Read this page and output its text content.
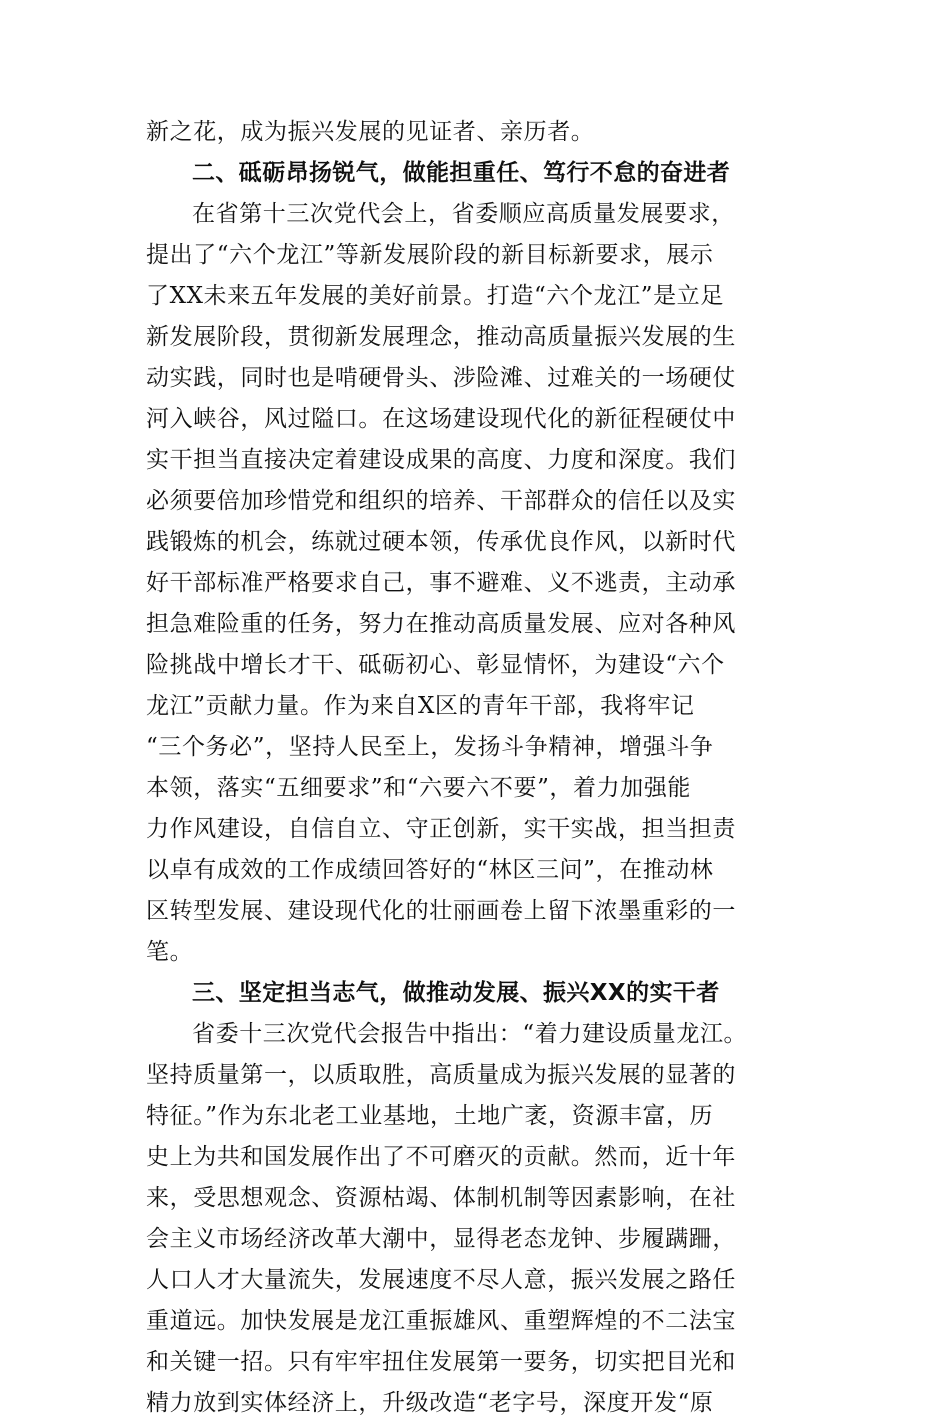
新之花，成为振兴发展的见证者、亲历者。
二、砥砺昂扬锐气，做能担重任、笃行不怠的奋进者
在省第十三次党代会上，省委顺应高质量发展要求，
提出了“六个龙江”等新发展阶段的新目标新要求，展示
了XX未来五年发展的美好前景。打造“六个龙江”是立足
新发展阶段，贯彻新发展理念，推动高质量振兴发展的生
动实践，同时也是啃硬骨头、涉险滩、过难关的一场硬仗
河入峡谷，风过隘口。在这场建设现代化的新征程硬仗中
实干担当直接决定着建设成果的高度、力度和深度。我们
必须要倍加珍惜党和组织的培养、干部群众的信任以及实
践锻炼的机会，练就过硬本领，传承优良作风，以新时代
好干部标准严格要求自己，事不避难、义不逃责，主动承
担急难险重的任务，努力在推动高质量发展、应对各种风
险挑战中增长才干、砥砺初心、彰显情怀，为建设“六个
龙江”贡献力量。作为来自X区的青年干部，我将牢记
“三个务必”，坚持人民至上，发扬斗争精神，增强斗争
本领，落实“五细要求”和“六要六不要”，着力加强能
力作风建设，自信自立、守正创新，实干实战，担当担责
以卓有成效的工作成绩回答好的“林区三问”，在推动林
区转型发展、建设现代化的壮丽画卷上留下浓墨重彩的一
笔。
三、坚定担当志气，做推动发展、振兴XX的实干者
省委十三次党代会报告中指出：“着力建设质量龙江。
坚持质量第一，以质取胜，高质量成为振兴发展的显著的
特征。”作为东北老工业基地，土地广袤，资源丰富，历
史上为共和国发展作出了不可磨灭的贡献。然而，近十年
来，受思想观念、资源枯竭、体制机制等因素影响，在社
会主义市场经济改革大潮中，显得老态龙钟、步履蹒跚，
人口人才大量流失，发展速度不尽人意，振兴发展之路任
重道远。加快发展是龙江重振雄风、重塑辉煌的不二法宝
和关键一招。只有牢牢扭住发展第一要务，切实把目光和
精力放到实体经济上，升级改造“老字号，深度开发“原
